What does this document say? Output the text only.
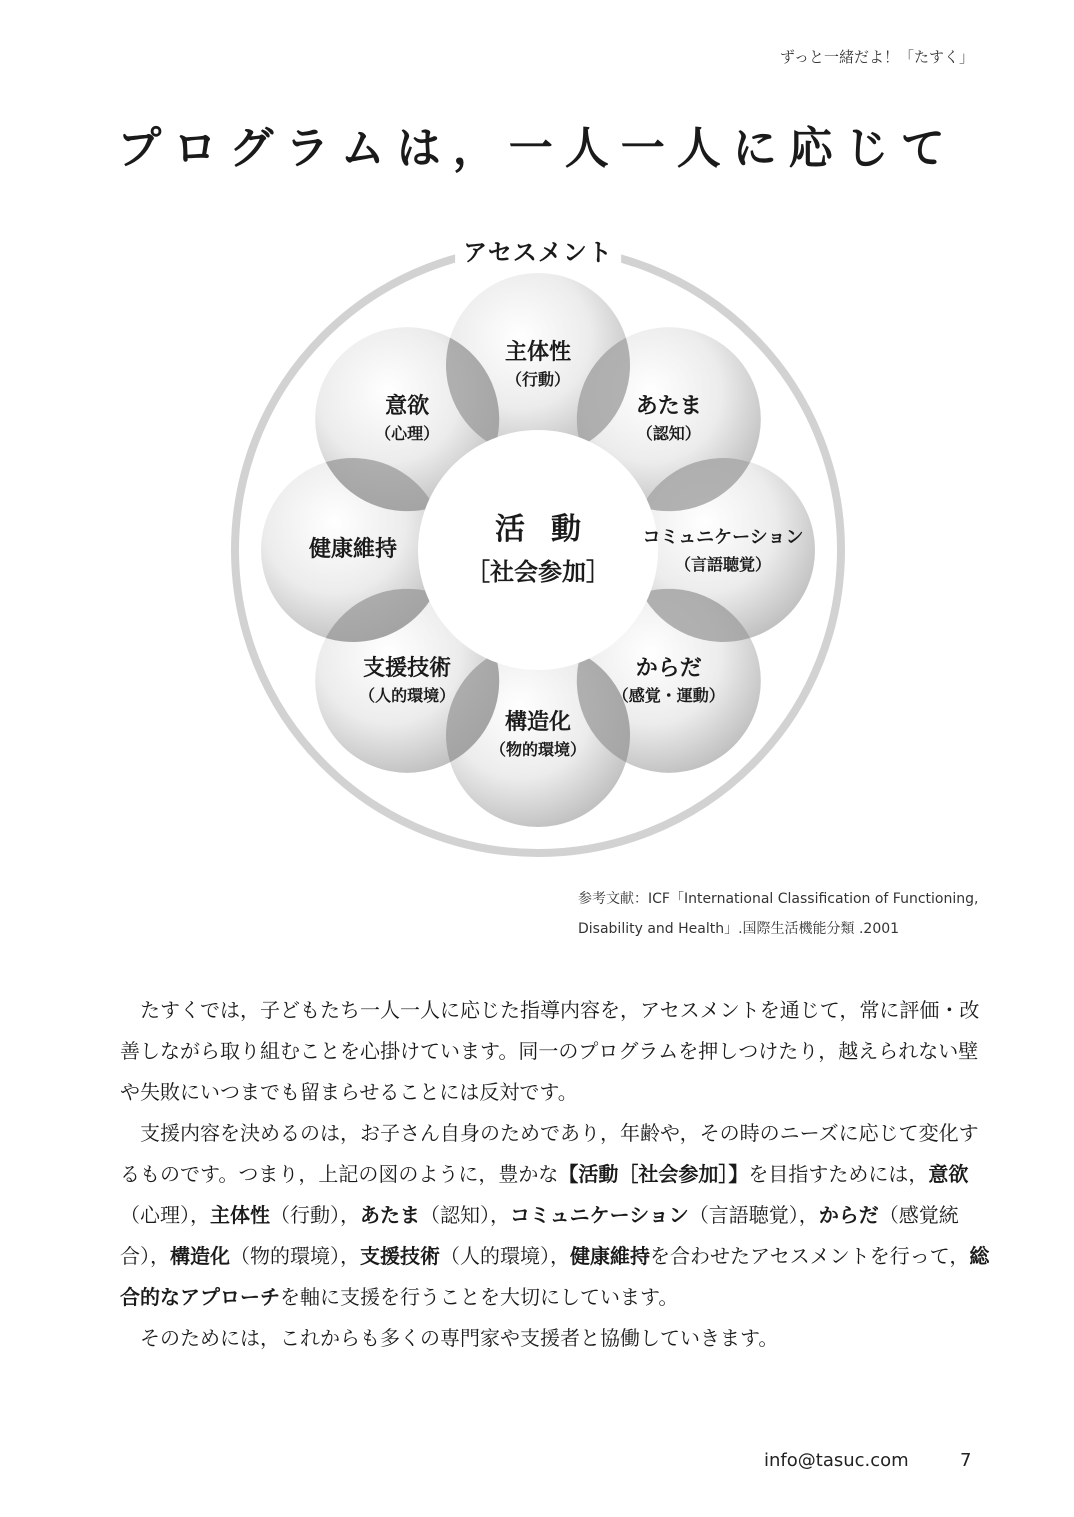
ずっと一緒だよ！「たすく」
プログラムは，一人一人に応じて
アセスメント
主体性
（行動）
あたま
（認知）
コミュニケーション
（言語聴覚）
からだ
（感覚・運動）
構造化
（物的環境）
支援技術
（人的環境）
健康維持
意欲
（心理）
活動
［社会参加］
参考文献：ICF「International Classification of Functioning,
Disability and Health」.国際生活機能分類 .2001

たすくでは，子どもたち一人一人に応じた指導内容を，アセスメントを通じて，常に評価・改善しながら取り組むことを心掛けています。同一のプログラムを押しつけたり，越えられない壁や失敗にいつまでも留まらせることには反対です。

支援内容を決めるのは，お子さん自身のためであり，年齢や，その時のニーズに応じて変化するものです。つまり，上記の図のように，豊かな【活動［社会参加］】を目指すためには，意欲（心理），主体性（行動），あたま（認知），コミュニケーション（言語聴覚），からだ（感覚統合），構造化（物的環境），支援技術（人的環境），健康維持を合わせたアセスメントを行って，総合的なアプローチを軸に支援を行うことを大切にしています。

そのためには，これからも多くの専門家や支援者と協働していきます。

info@tasuc.com	7
